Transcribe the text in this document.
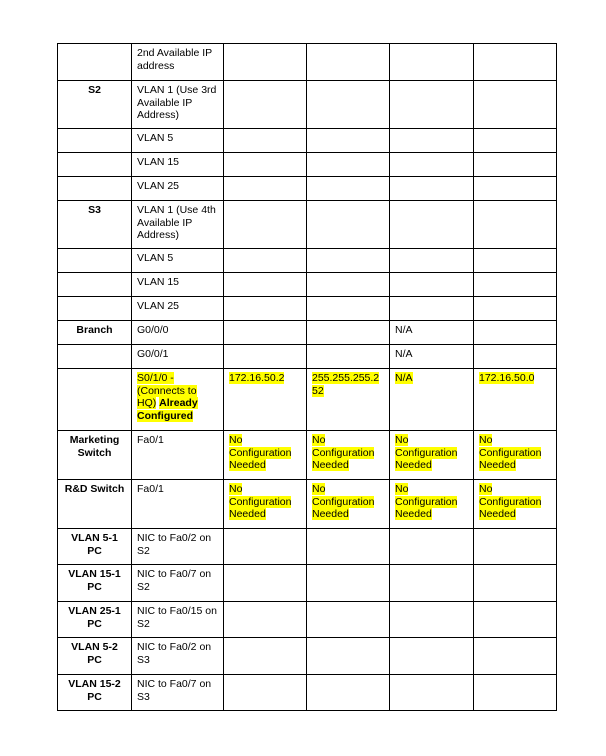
	2nd Available IP address				
S2	VLAN 1 (Use 3rd Available IP Address)				
	VLAN 5				
	VLAN 15				
	VLAN 25				
S3	VLAN 1 (Use 4th Available IP Address)				
	VLAN 5				
	VLAN 15				
	VLAN 25				
Branch	G0/0/0			N/A	
	G0/0/1			N/A	
	S0/1/0 - (Connects to HQ) Already Configured	172.16.50.2	255.255.255.252	N/A	172.16.50.0
Marketing Switch	Fa0/1	No Configuration Needed	No Configuration Needed	No Configuration Needed	No Configuration Needed
R&D Switch	Fa0/1	No Configuration Needed	No Configuration Needed	No Configuration Needed	No Configuration Needed
VLAN 5-1 PC	NIC to Fa0/2 on S2				
VLAN 15-1 PC	NIC to Fa0/7 on S2				
VLAN 25-1 PC	NIC to Fa0/15 on S2				
VLAN 5-2 PC	NIC to Fa0/2 on S3				
VLAN 15-2 PC	NIC to Fa0/7 on S3				
